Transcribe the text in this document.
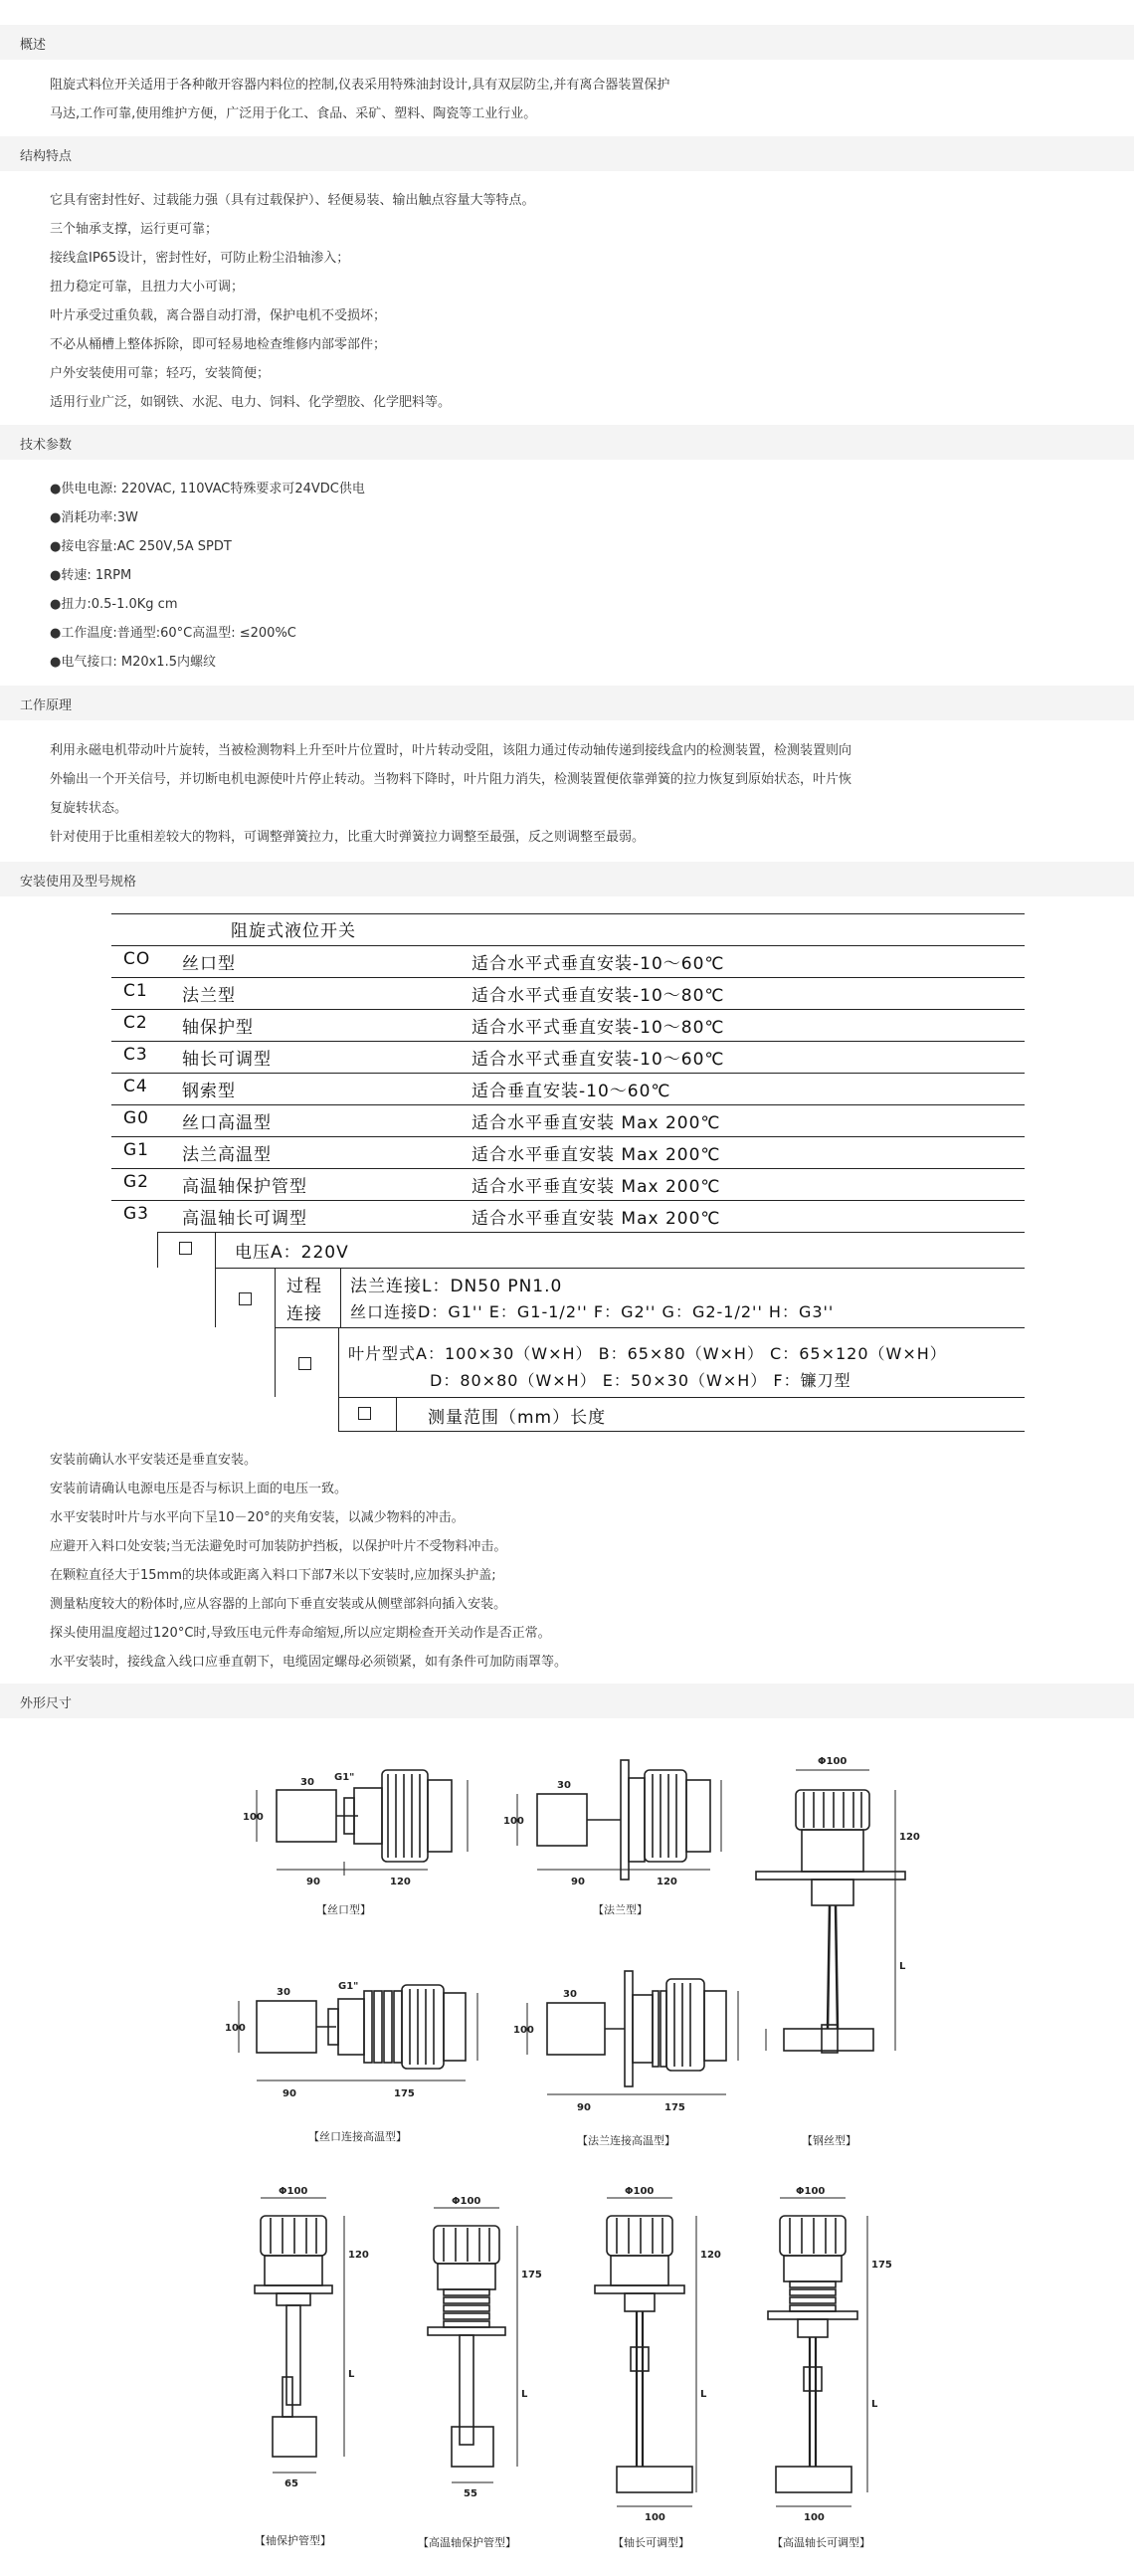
概述
阻旋式料位开关适用于各种敞开容器内料位的控制,仪表采用特殊油封设计,具有双层防尘,并有离合器装置保护
马达,工作可靠,使用维护方便，广泛用于化工、食品、采矿、塑料、陶瓷等工业行业。
结构特点
它具有密封性好、过载能力强（具有过载保护）、轻便易装、输出触点容量大等特点。
三个轴承支撑，运行更可靠；
接线盒IP65设计，密封性好，可防止粉尘沿轴渗入；
扭力稳定可靠，且扭力大小可调；
叶片承受过重负载，离合器自动打滑，保护电机不受损坏；
不必从桶槽上整体拆除，即可轻易地检查维修内部零部件；
户外安装使用可靠；轻巧，安装简便；
适用行业广泛，如钢铁、水泥、电力、饲料、化学塑胶、化学肥料等。
技术参数
●供电电源: 220VAC, 110VAC特殊要求可24VDC供电
●消耗功率:3W
●接电容量:AC 250V,5A SPDT
●转速: 1RPM
●扭力:0.5-1.0Kg cm
●工作温度:普通型:60°C高温型: ≤200%C
●电气接口: M20x1.5内螺纹
工作原理
利用永磁电机带动叶片旋转，当被检测物料上升至叶片位置时，叶片转动受阻，该阻力通过传动轴传递到接线盒内的检测装置，检测装置则向
外输出一个开关信号，并切断电机电源使叶片停止转动。当物料下降时，叶片阻力消失，检测装置便依靠弹簧的拉力恢复到原始状态，叶片恢
复旋转状态。
针对使用于比重相差较大的物料，可调整弹簧拉力，比重大时弹簧拉力调整至最强，反之则调整至最弱。
安装使用及型号规格
阻旋式液位开关
CO 丝口型	适合水平式垂直安装-10～60℃
C1 法兰型	适合水平式垂直安装-10～80℃
C2 轴保护型	适合水平式垂直安装-10～80℃
C3 轴长可调型	适合水平式垂直安装-10～60℃
C4 钢索型	适合垂直安装-10～60℃
G0 丝口高温型	适合水平垂直安装 Max 200℃
G1 法兰高温型	适合水平垂直安装 Max 200℃
G2 高温轴保护管型	适合水平垂直安装 Max 200℃
G3 高温轴长可调型	适合水平垂直安装 Max 200℃
电压A：220V
过程
连接
法兰连接L：DN50 PN1.0
丝口连接D：G1'' E：G1-1/2'' F：G2'' G：G2-1/2'' H：G3''
叶片型式A：100×30（W×H） B：65×80（W×H） C：65×120（W×H）
D：80×80（W×H） E：50×30（W×H） F：镰刀型
测量范围（mm）长度
安装前确认水平安装还是垂直安装。
安装前请确认电源电压是否与标识上面的电压一致。
水平安装时叶片与水平向下呈10－20°的夹角安装，以减少物料的冲击。
应避开入料口处安装;当无法避免时可加装防护挡板，以保护叶片不受物料冲击。
在颗粒直径大于15mm的块体或距离入料口下部7米以下安装时,应加探头护盖;
测量粘度较大的粉体时,应从容器的上部向下垂直安装或从侧壁部斜向插入安装。
探头使用温度超过120°C时,导致压电元件寿命缩短,所以应定期检查开关动作是否正常。
水平安装时，接线盒入线口应垂直朝下，电缆固定螺母必须锁紧，如有条件可加防雨罩等。
外形尺寸
30 G1"
100
90	120
30
100
90	120
Φ100
120
L
30
G1"
100
90	175
30
100
90	175
Φ100
120
L
65
Φ100
175
L
55
Φ100
120
L
100
Φ100
175
L
100
【丝口型】	【法兰型】
【钢丝型】
【丝口连接高温型】	【法兰连接高温型】
【轴保护管型】	【高温轴保护管型】	【轴长可调型】	【高温轴长可调型】
